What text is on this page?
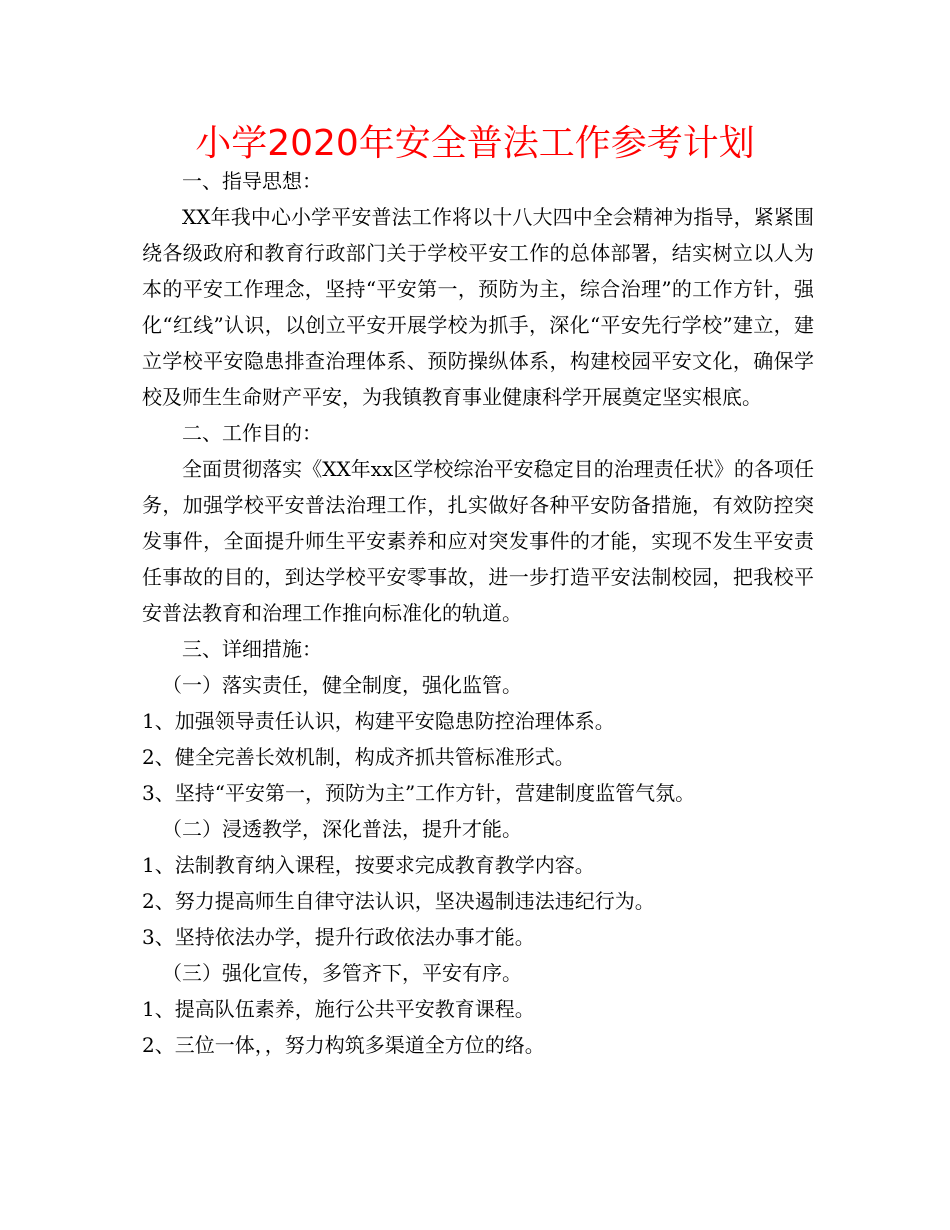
小学2020年安全普法工作参考计划

一、指导思想：

XX年我中心小学平安普法工作将以十八大四中全会精神为指导，紧紧围绕各级政府和教育行政部门关于学校平安工作的总体部署，结实树立以人为本的平安工作理念，坚持“平安第一，预防为主，综合治理”的工作方针，强化“红线”认识，以创立平安开展学校为抓手，深化“平安先行学校”建立，建立学校平安隐患排查治理体系、预防操纵体系，构建校园平安文化，确保学校及师生生命财产平安，为我镇教育事业健康科学开展奠定坚实根底。

二、工作目的：

全面贯彻落实《XX年xx区学校综治平安稳定目的治理责任状》的各项任务，加强学校平安普法治理工作，扎实做好各种平安防备措施，有效防控突发事件，全面提升师生平安素养和应对突发事件的才能，实现不发生平安责任事故的目的，到达学校平安零事故，进一步打造平安法制校园，把我校平安普法教育和治理工作推向标准化的轨道。

三、详细措施：

（一）落实责任，健全制度，强化监管。

1、加强领导责任认识，构建平安隐患防控治理体系。

2、健全完善长效机制，构成齐抓共管标准形式。

3、坚持“平安第一，预防为主”工作方针，营建制度监管气氛。

（二）浸透教学，深化普法，提升才能。

1、法制教育纳入课程，按要求完成教育教学内容。

2、努力提高师生自律守法认识，坚决遏制违法违纪行为。

3、坚持依法办学，提升行政依法办事才能。

（三）强化宣传，多管齐下，平安有序。

1、提高队伍素养，施行公共平安教育课程。

2、三位一体，，努力构筑多渠道全方位的络。
